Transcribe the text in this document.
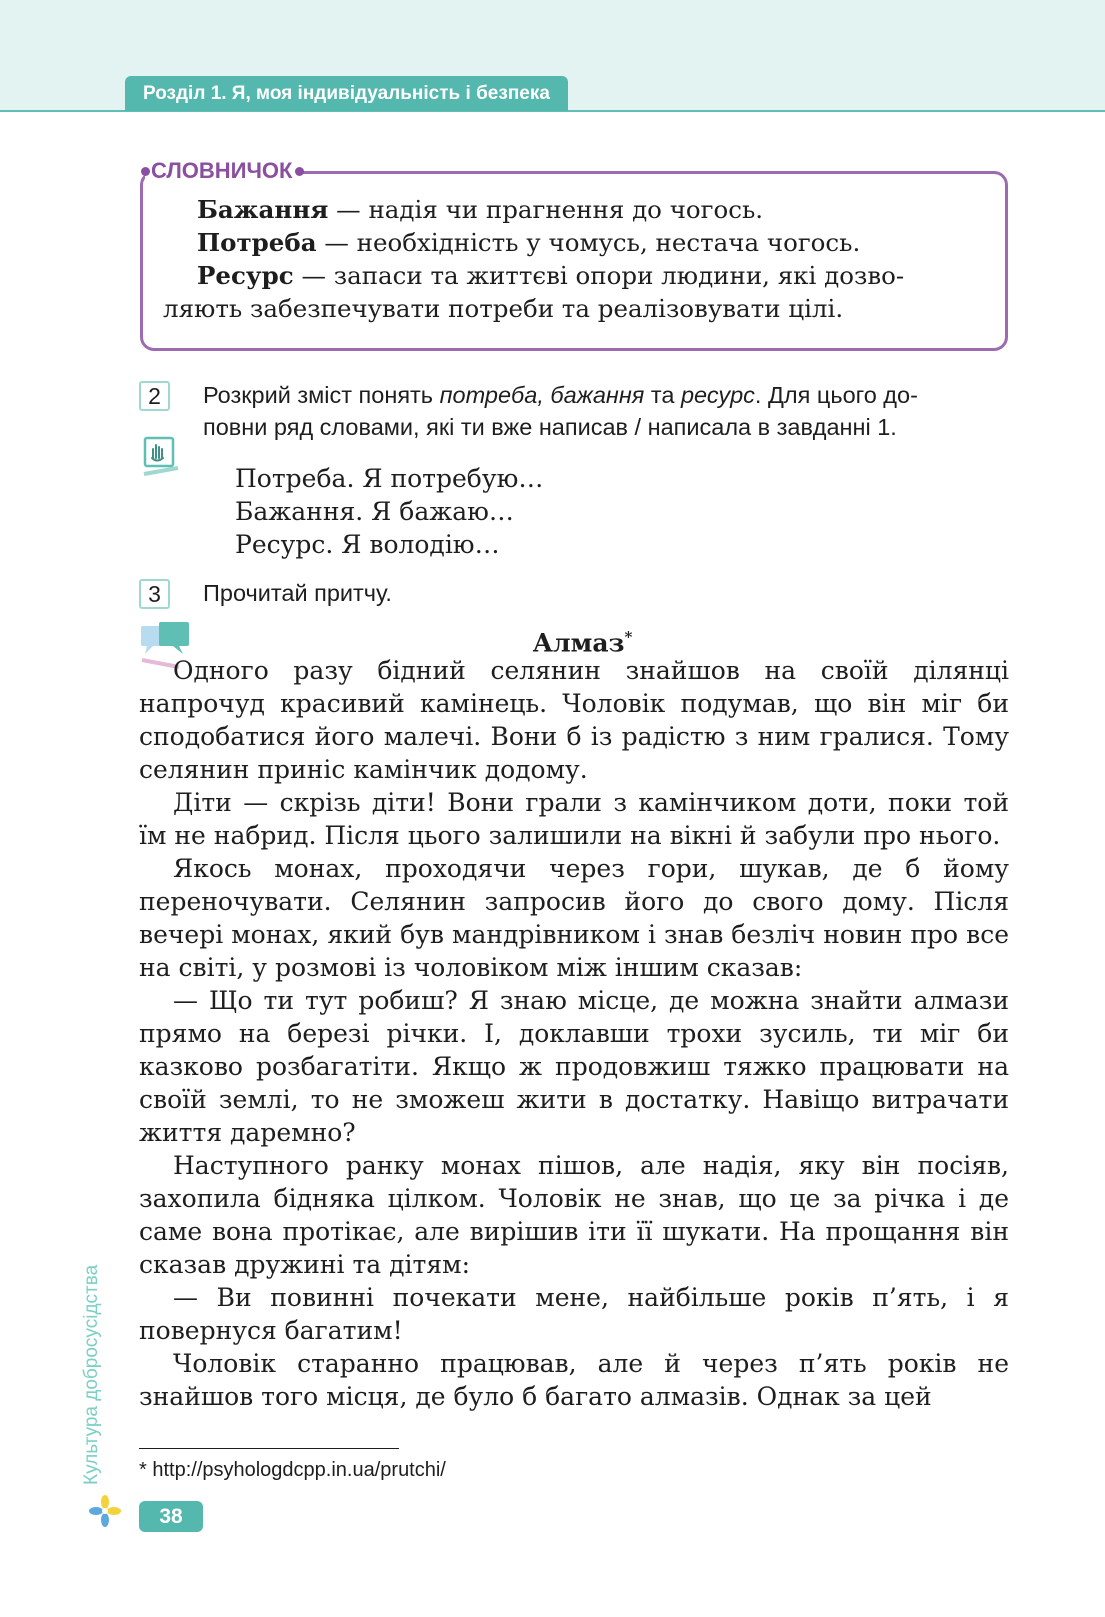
Розділ 1. Я, моя індивідуальність і безпека
СЛОВНИЧОК

Бажання — надія чи прагнення до чогось.

Потреба — необхідність у чомусь, нестача чогось.

Ресурс — запаси та життєві опори людини, які дозво-

ляють забезпечувати потреби та реалізовувати цілі.

2	Розкрий зміст понять потреба, бажання та ресурс. Для цього до-
повни ряд словами, які ти вже написав / написала в завданні 1.
Потреба. Я потребую…
Бажання. Я бажаю…
Ресурс. Я володію…
3	Прочитай притчу.
Алмаз*

Одного разу бідний селянин знайшов на своїй ділянці напрочуд красивий камінець. Чоловік подумав, що він міг би сподобатися його малечі. Вони б із радістю з ним гралися. Тому селянин приніс камінчик додому.

Діти — скрізь діти! Вони грали з камінчиком доти, поки той їм не набрид. Після цього залишили на вікні й забули про нього.

Якось монах, проходячи через гори, шукав, де б йому переночувати. Селянин запросив його до свого дому. Після вечері монах, який був мандрівником і знав безліч новин про все на світі, у розмові із чоловіком між іншим сказав:

— Що ти тут робиш? Я знаю місце, де можна знайти алмази прямо на березі річки. І, доклавши трохи зусиль, ти міг би казково розбагатіти. Якщо ж продовжиш тяжко працювати на своїй землі, то не зможеш жити в достатку. Навіщо витрачати життя даремно?

Наступного ранку монах пішов, але надія, яку він посіяв, захопила бідняка цілком. Чоловік не знав, що це за річка і де саме вона протікає, але вирішив іти її шукати. На прощання він сказав дружині та дітям:

— Ви повинні почекати мене, найбільше років п’ять, і я повернуся багатим!

Чоловік старанно працював, але й через п’ять років не знайшов того місця, де було б багато алмазів. Однак за цей

* http://psyhologdcpp.in.ua/prutchi/
Культура добросусідства
38
